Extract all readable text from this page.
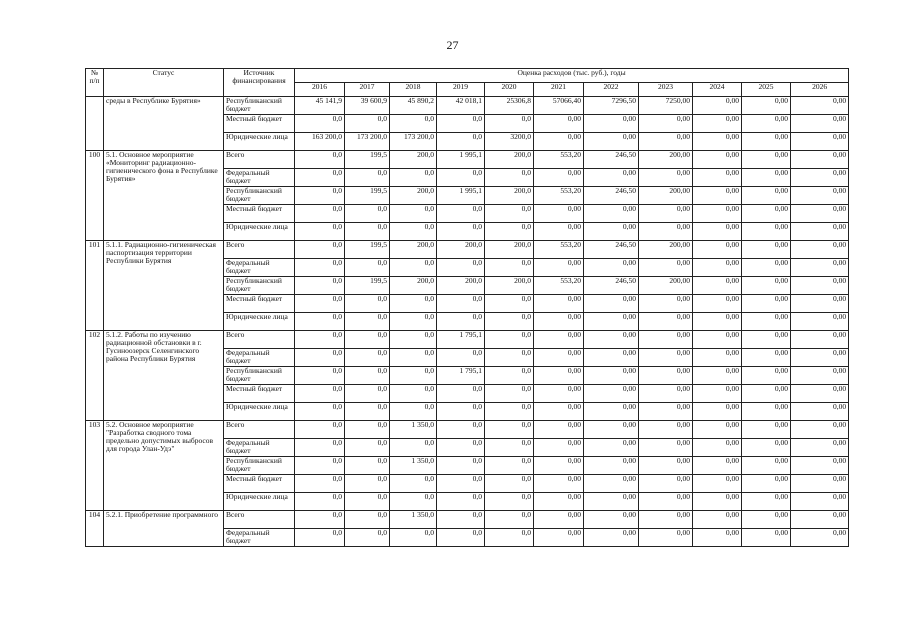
27
№ п/п	Статус	Источник финансирования	Оценка расходов (тыс. руб.), годы										
			2016	2017	2018	2019	2020	2021	2022	2023	2024	2025	2026
	среды в Республике Бурятия»	Республиканский бюджет	45 141,9	39 600,9	45 890,2	42 018,1	25306,8	57066,40	7296,50	7250,00	0,00	0,00	0,00
		Местный бюджет	0,0	0,0	0,0	0,0	0,0	0,00	0,00	0,00	0,00	0,00	0,00
		Юридические лица	163 200,0	173 200,0	173 200,0	0,0	3200,0	0,00	0,00	0,00	0,00	0,00	0,00
100	5.1. Основное мероприятие «Мониторинг радиационно-гигиенического фона в Республике Бурятия»	Всего	0,0	199,5	200,0	1 995,1	200,0	553,20	246,50	200,00	0,00	0,00	0,00
		Федеральный бюджет	0,0	0,0	0,0	0,0	0,0	0,00	0,00	0,00	0,00	0,00	0,00
		Республиканский бюджет	0,0	199,5	200,0	1 995,1	200,0	553,20	246,50	200,00	0,00	0,00	0,00
		Местный бюджет	0,0	0,0	0,0	0,0	0,0	0,00	0,00	0,00	0,00	0,00	0,00
		Юридические лица	0,0	0,0	0,0	0,0	0,0	0,00	0,00	0,00	0,00	0,00	0,00
101	5.1.1. Радиационно-гигиеническая паспортизация территории Республики Бурятия	Всего	0,0	199,5	200,0	200,0	200,0	553,20	246,50	200,00	0,00	0,00	0,00
		Федеральный бюджет	0,0	0,0	0,0	0,0	0,0	0,00	0,00	0,00	0,00	0,00	0,00
		Республиканский бюджет	0,0	199,5	200,0	200,0	200,0	553,20	246,50	200,00	0,00	0,00	0,00
		Местный бюджет	0,0	0,0	0,0	0,0	0,0	0,00	0,00	0,00	0,00	0,00	0,00
		Юридические лица	0,0	0,0	0,0	0,0	0,0	0,00	0,00	0,00	0,00	0,00	0,00
102	5.1.2. Работы по изучению радиационной обстановки в г. Гусиноозерск Селенгинского района Республики Бурятия	Всего	0,0	0,0	0,0	1 795,1	0,0	0,00	0,00	0,00	0,00	0,00	0,00
		Федеральный бюджет	0,0	0,0	0,0	0,0	0,0	0,00	0,00	0,00	0,00	0,00	0,00
		Республиканский бюджет	0,0	0,0	0,0	1 795,1	0,0	0,00	0,00	0,00	0,00	0,00	0,00
		Местный бюджет	0,0	0,0	0,0	0,0	0,0	0,00	0,00	0,00	0,00	0,00	0,00
		Юридические лица	0,0	0,0	0,0	0,0	0,0	0,00	0,00	0,00	0,00	0,00	0,00
103	5.2. Основное мероприятие "Разработка сводного тома предельно допустимых выбросов для города Улан-Удэ"	Всего	0,0	0,0	1 350,0	0,0	0,0	0,00	0,00	0,00	0,00	0,00	0,00
		Федеральный бюджет	0,0	0,0	0,0	0,0	0,0	0,00	0,00	0,00	0,00	0,00	0,00
		Республиканский бюджет	0,0	0,0	1 350,0	0,0	0,0	0,00	0,00	0,00	0,00	0,00	0,00
		Местный бюджет	0,0	0,0	0,0	0,0	0,0	0,00	0,00	0,00	0,00	0,00	0,00
		Юридические лица	0,0	0,0	0,0	0,0	0,0	0,00	0,00	0,00	0,00	0,00	0,00
104	5.2.1. Приобретение программного	Всего	0,0	0,0	1 350,0	0,0	0,0	0,00	0,00	0,00	0,00	0,00	0,00
		Федеральный бюджет	0,0	0,0	0,0	0,0	0,0	0,00	0,00	0,00	0,00	0,00	0,00
